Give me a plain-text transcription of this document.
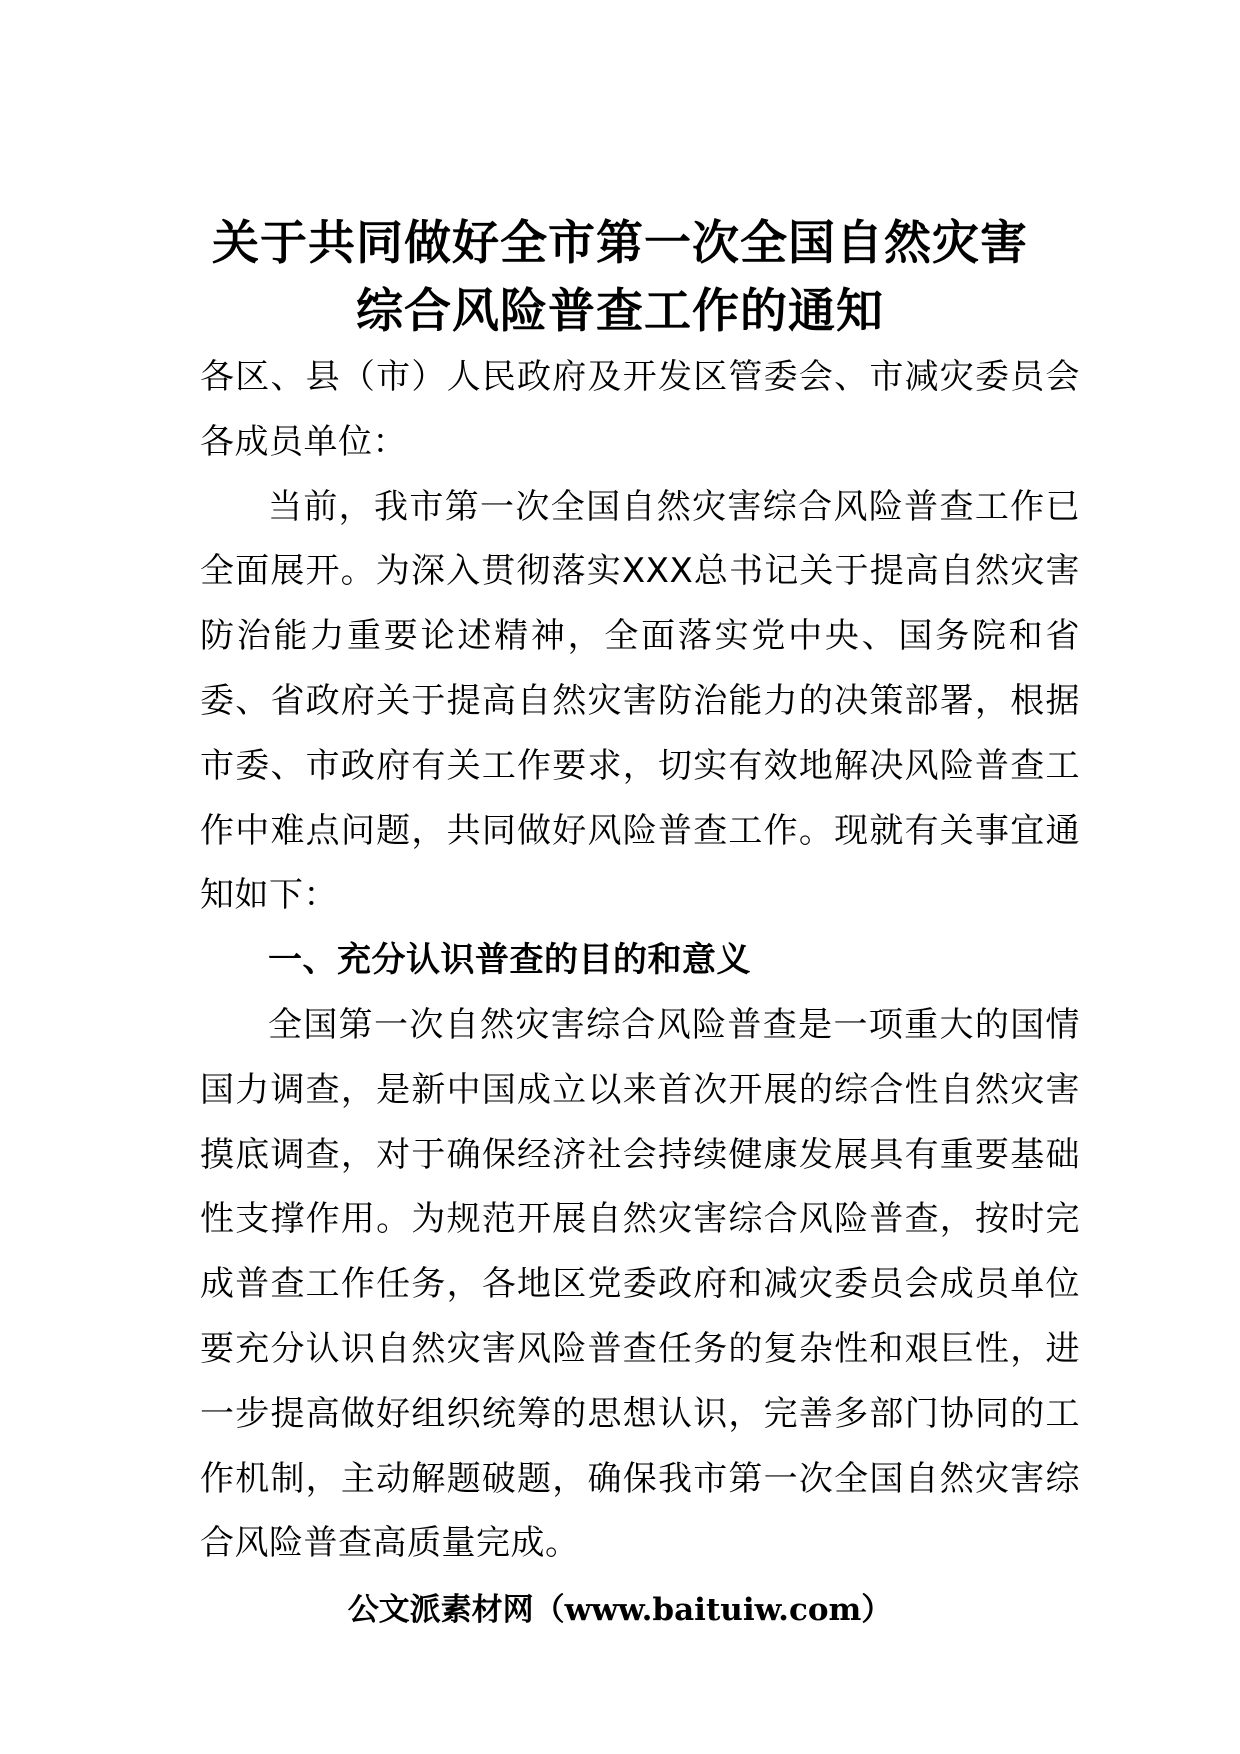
关于共同做好全市第一次全国自然灾害
综合风险普查工作的通知

各区、县（市）人民政府及开发区管委会、市减灾委员会各成员单位：

当前，我市第一次全国自然灾害综合风险普查工作已全面展开。为深入贯彻落实XXX总书记关于提高自然灾害防治能力重要论述精神，全面落实党中央、国务院和省委、省政府关于提高自然灾害防治能力的决策部署，根据市委、市政府有关工作要求，切实有效地解决风险普查工作中难点问题，共同做好风险普查工作。现就有关事宜通知如下：

一、充分认识普查的目的和意义

全国第一次自然灾害综合风险普查是一项重大的国情国力调查，是新中国成立以来首次开展的综合性自然灾害摸底调查，对于确保经济社会持续健康发展具有重要基础性支撑作用。为规范开展自然灾害综合风险普查，按时完成普查工作任务，各地区党委政府和减灾委员会成员单位要充分认识自然灾害风险普查任务的复杂性和艰巨性，进一步提高做好组织统筹的思想认识，完善多部门协同的工作机制，主动解题破题，确保我市第一次全国自然灾害综合风险普查高质量完成。

公文派素材网（www.baituiw.com）
